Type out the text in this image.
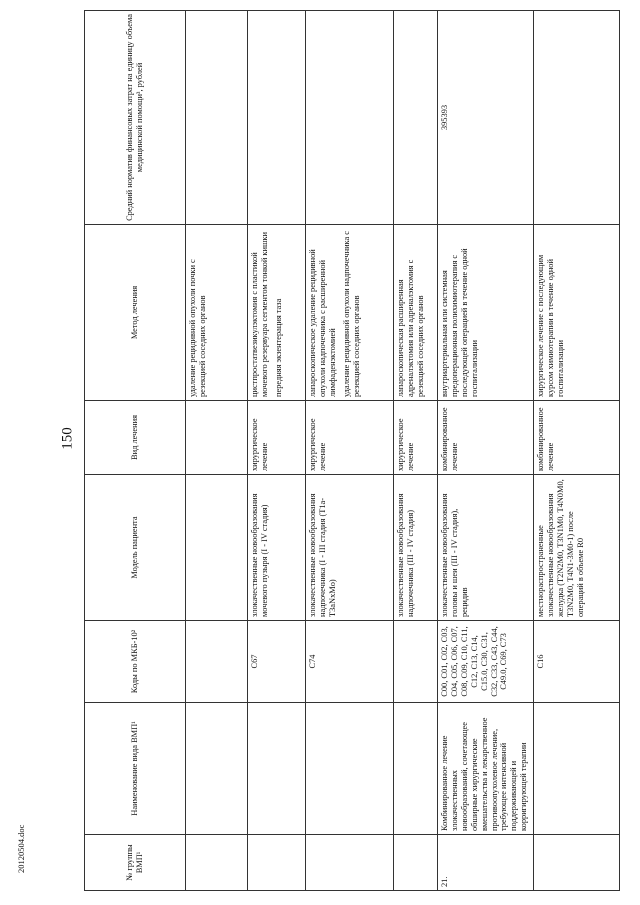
150
20120504.doc	№ группы ВМП¹	Наименование вида ВМП¹	Коды по МКБ-10²	Модель пациента	Вид лечения	Метод лечения	Средний норматив финансовых затрат на единицу объема медицинской помощи³, рублей

					удаление рецидивной опухоли почки с резекцией соседних органов	

		C67	злокачественные новообразования мочевого пузыря (I - IV стадия)	хирургическое лечение	цистпростатвезикулэктомия с пластикой мочевого резервуара сегментом тонкой кишки передняя экзентерация таза	

		C74	злокачественные новообразования надпочечника (I - III стадия (T1a-T3aNxMo)	хирургическое лечение	лапароскопическое удаление рецидивной опухоли надпочечника с расширенной лимфаденэктомией удаление рецидивной опухоли надпочечника с резекцией соседних органов	

			злокачественные новообразования надпочечника (III - IV стадия)	хирургическое лечение	лапароскопическая расширенная адреналэктомия или адреналэктомия с резекцией соседних органов	

21.	Комбинированное лечение злокачественных новообразований, сочетающее обширные хирургические вмешательства и лекарственное противоопухолевое лечение, требующее интенсивной поддерживающей и корригирующей терапии	C00, C01, C02, C03, C04, C05, C06, C07, C08, C09, C10, C11, C12, C13, C14, C15.0, C30, C31, C32, C33, C43, C44, C49.0, C69, C73	злокачественные новообразования головы и шеи (III - IV стадия), рецидив	комбинированное лечение	внутриартериальная или системная предоперационная полихимиотерапия с последующей операцией в течение одной госпитализации	395393
		C16	местнораспространенные злокачественные новообразования желудка (T2N2M0, T3N1M0, T4N0M0, T3N2M0, T4N1-3M0-1) после операций в объеме R0	комбинированное лечение	хирургическое лечение с последующим курсом химиотерапии в течение одной госпитализации	
